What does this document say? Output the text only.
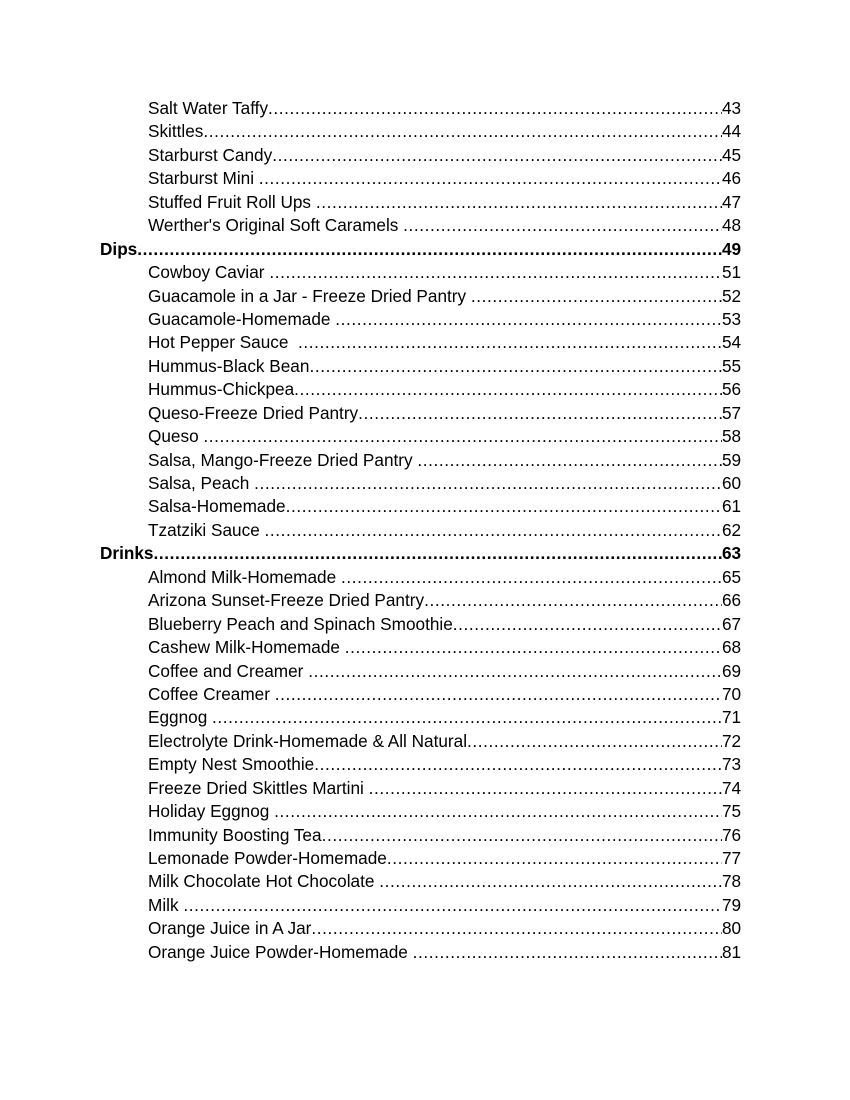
Salt Water Taffy .....	43
Skittles .....	44
Starburst Candy .....	45
Starburst Mini .....	46
Stuffed Fruit Roll Ups .....	47
Werther's Original Soft Caramels .....	48
Dips .....	49
Cowboy Caviar .....	51
Guacamole in a Jar - Freeze Dried Pantry .....	52
Guacamole-Homemade .....	53
Hot Pepper Sauce .....	54
Hummus-Black Bean .....	55
Hummus-Chickpea .....	56
Queso-Freeze Dried Pantry .....	57
Queso .....	58
Salsa, Mango-Freeze Dried Pantry .....	59
Salsa, Peach .....	60
Salsa-Homemade .....	61
Tzatziki Sauce .....	62
Drinks .....	63
Almond Milk-Homemade .....	65
Arizona Sunset-Freeze Dried Pantry .....	66
Blueberry Peach and Spinach Smoothie .....	67
Cashew Milk-Homemade .....	68
Coffee and Creamer .....	69
Coffee Creamer .....	70
Eggnog .....	71
Electrolyte Drink-Homemade & All Natural .....	72
Empty Nest Smoothie .....	73
Freeze Dried Skittles Martini .....	74
Holiday Eggnog .....	75
Immunity Boosting Tea .....	76
Lemonade Powder-Homemade .....	77
Milk Chocolate Hot Chocolate .....	78
Milk .....	79
Orange Juice in A Jar .....	80
Orange Juice Powder-Homemade .....	81
